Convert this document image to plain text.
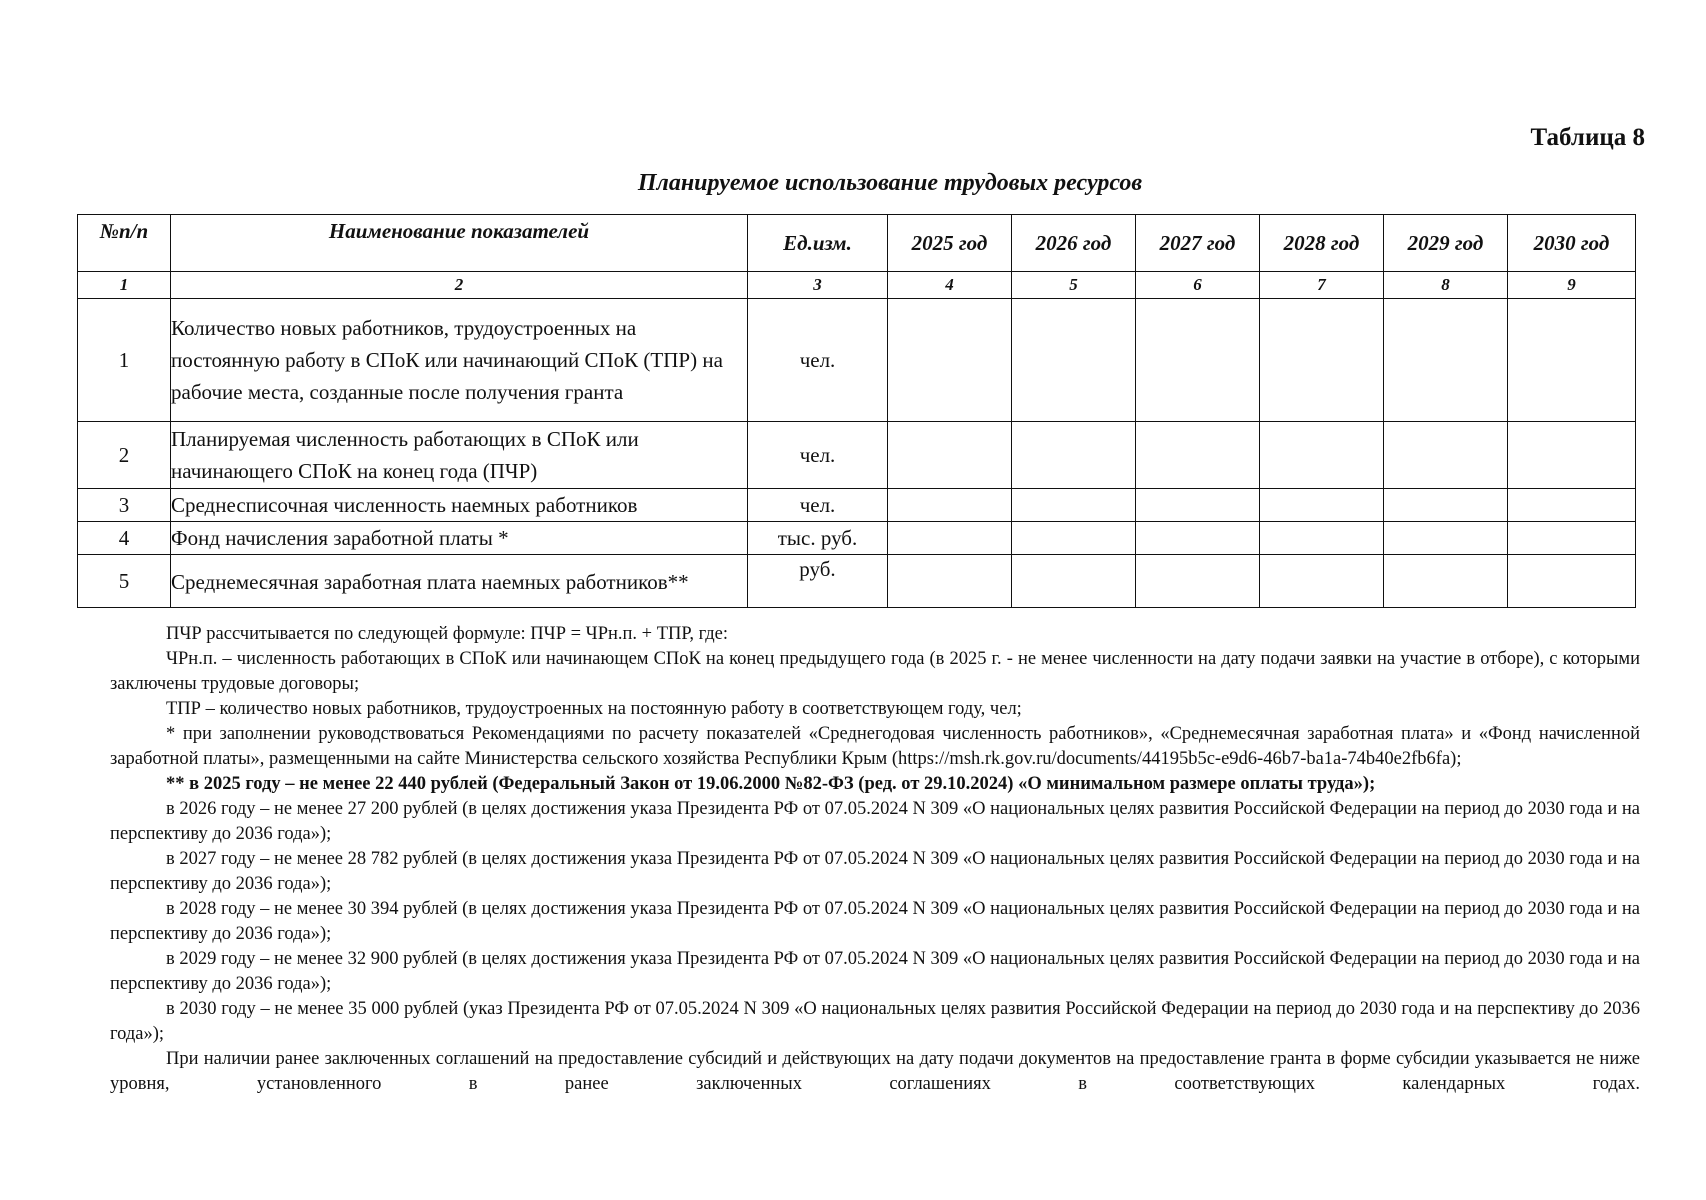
Таблица 8
Планируемое использование трудовых ресурсов
№п/п	Наименование показателей	Ед.изм.	2025 год	2026 год	2027 год	2028 год	2029 год	2030 год
1	2	3	4	5	6	7	8	9
1	Количество новых работников, трудоустроенных на постоянную работу в СПоК или начинающий СПоК (ТПР) на рабочие места, созданные после получения гранта	чел.						
2	Планируемая численность работающих в СПоК или начинающего СПоК на конец года (ПЧР)	чел.						
3	Среднесписочная численность наемных работников	чел.						
4	Фонд начисления заработной платы *	тыс. руб.						
5	Среднемесячная заработная плата наемных работников**	руб.						

ПЧР рассчитывается по следующей формуле: ПЧР = ЧРн.п. + ТПР, где:

ЧРн.п. – численность работающих в СПоК или начинающем СПоК на конец предыдущего года (в 2025 г. - не менее численности на дату подачи заявки на участие в отборе), с которыми заключены трудовые договоры;

ТПР – количество новых работников, трудоустроенных на постоянную работу в соответствующем году, чел;

* при заполнении руководствоваться Рекомендациями по расчету показателей «Среднегодовая численность работников», «Среднемесячная заработная плата» и «Фонд начисленной заработной платы», размещенными на сайте Министерства сельского хозяйства Республики Крым (https://msh.rk.gov.ru/documents/44195b5c-e9d6-46b7-ba1a-74b40e2fb6fa);

** в 2025 году – не менее 22 440 рублей (Федеральный Закон от 19.06.2000 №82-ФЗ (ред. от 29.10.2024) «О минимальном размере оплаты труда»);

в 2026 году – не менее 27 200 рублей (в целях достижения указа Президента РФ от 07.05.2024 N 309 «О национальных целях развития Российской Федерации на период до 2030 года и на перспективу до 2036 года»);

в 2027 году – не менее 28 782 рублей (в целях достижения указа Президента РФ от 07.05.2024 N 309 «О национальных целях развития Российской Федерации на период до 2030 года и на перспективу до 2036 года»);

в 2028 году – не менее 30 394 рублей (в целях достижения указа Президента РФ от 07.05.2024 N 309 «О национальных целях развития Российской Федерации на период до 2030 года и на перспективу до 2036 года»);

в 2029 году – не менее 32 900 рублей (в целях достижения указа Президента РФ от 07.05.2024 N 309 «О национальных целях развития Российской Федерации на период до 2030 года и на перспективу до 2036 года»);

в 2030 году – не менее 35 000 рублей (указ Президента РФ от 07.05.2024 N 309 «О национальных целях развития Российской Федерации на период до 2030 года и на перспективу до 2036 года»);

При наличии ранее заключенных соглашений на предоставление субсидий и действующих на дату подачи документов на предоставление гранта в форме субсидии указывается не ниже уровня, установленного в ранее заключенных соглашениях в соответствующих календарных годах.
